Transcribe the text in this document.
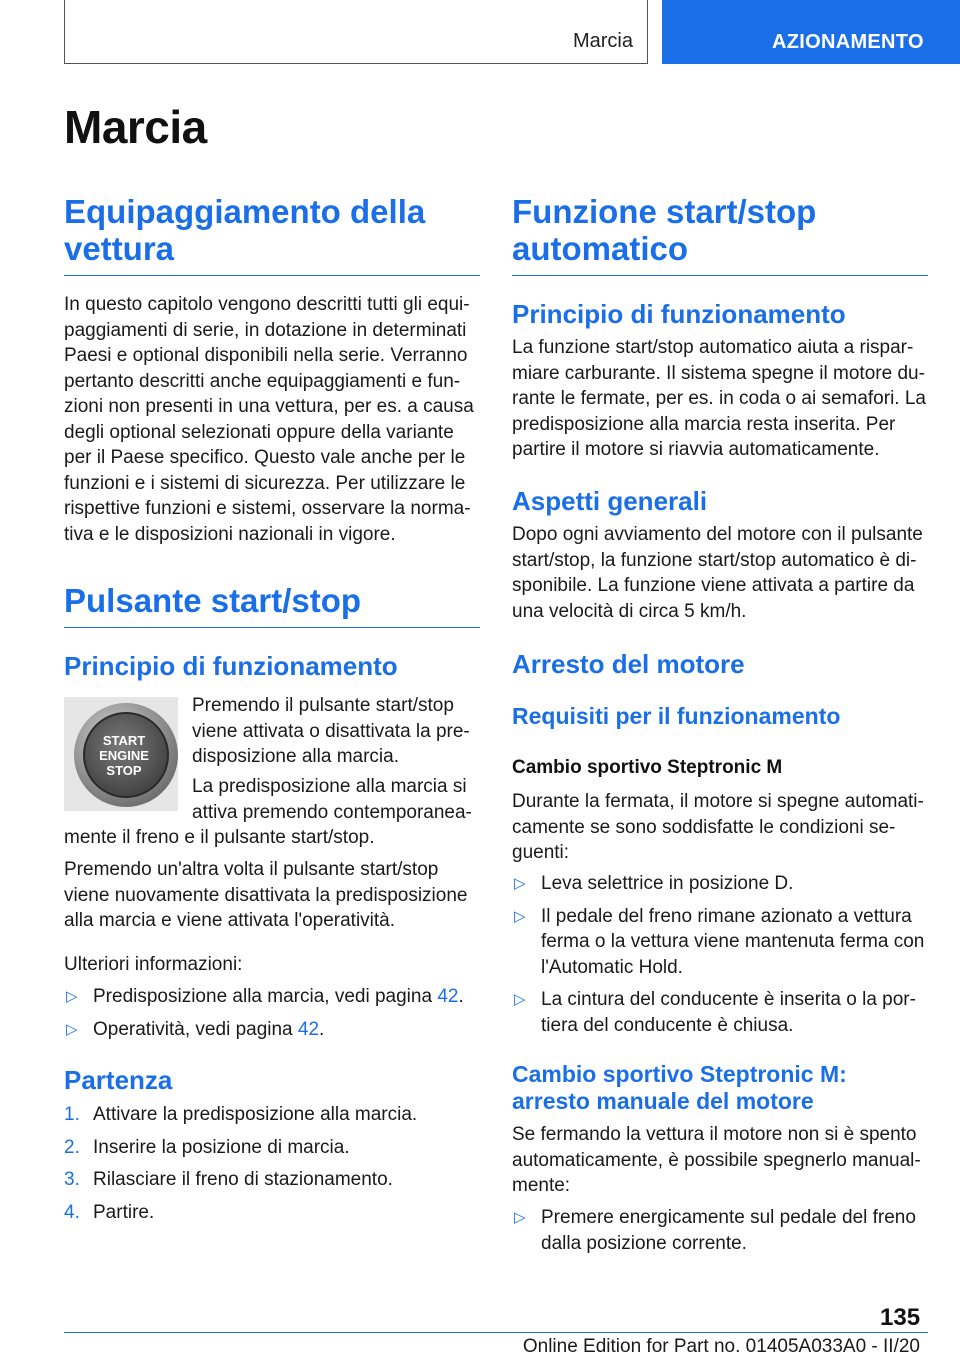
Marcia	AZIONAMENTO
Marcia
Equipaggiamento della vettura

In questo capitolo vengono descritti tutti gli equi-paggiamenti di serie, in dotazione in determinati Paesi e optional disponibili nella serie. Verranno pertanto descritti anche equipaggiamenti e fun-zioni non presenti in una vettura, per es. a causa degli optional selezionati oppure della variante per il Paese specifico. Questo vale anche per le funzioni e i sistemi di sicurezza. Per utilizzare le rispettive funzioni e sistemi, osservare la norma-tiva e le disposizioni nazionali in vigore.

Pulsante start/stop
Principio di funzionamento
START
ENGINE
STOP

Premendo il pulsante start/stop viene attivata o disattivata la pre-disposizione alla marcia.

La predisposizione alla marcia si attiva premendo contemporanea-

mente il freno e il pulsante start/stop.

Premendo un'altra volta il pulsante start/stop viene nuovamente disattivata la predisposizione alla marcia e viene attivata l'operatività.

Ulteriori informazioni:

▷ Predisposizione alla marcia, vedi pagina 42.
▷ Operatività, vedi pagina 42.
Partenza
1. Attivare la predisposizione alla marcia.
2. Inserire la posizione di marcia.
3. Rilasciare il freno di stazionamento.
4. Partire.
Funzione start/stop automatico
Principio di funzionamento

La funzione start/stop automatico aiuta a rispar-miare carburante. Il sistema spegne il motore du-rante le fermate, per es. in coda o ai semafori. La predisposizione alla marcia resta inserita. Per partire il motore si riavvia automaticamente.

Aspetti generali

Dopo ogni avviamento del motore con il pulsante start/stop, la funzione start/stop automatico è di-sponibile. La funzione viene attivata a partire da una velocità di circa 5 km/h.

Arresto del motore
Requisiti per il funzionamento
Cambio sportivo Steptronic M

Durante la fermata, il motore si spegne automati-camente se sono soddisfatte le condizioni se-guenti:

▷ Leva selettrice in posizione D.
▷ Il pedale del freno rimane azionato a vettura ferma o la vettura viene mantenuta ferma con l'Automatic Hold.
▷ La cintura del conducente è inserita o la por-tiera del conducente è chiusa.
Cambio sportivo Steptronic M: arresto manuale del motore

Se fermando la vettura il motore non si è spento automaticamente, è possibile spegnerlo manual-mente:

▷ Premere energicamente sul pedale del freno dalla posizione corrente.
135
Online Edition for Part no. 01405A033A0 - II/20
